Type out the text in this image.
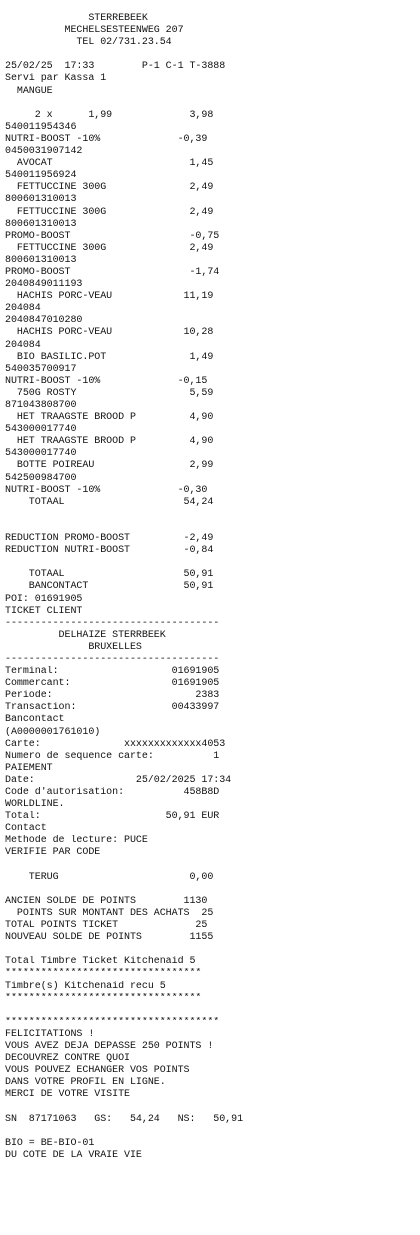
STERREBEEK
MECHELSESTEENWEG 207
TEL 02/731.23.54
25/02/25  17:33        P-1 C-1 T-3888
Servi par Kassa 1
MANGUE
2 x      1,99             3,98
540011954346
NUTRI-BOOST -10%             -0,39
0450031907142
AVOCAT                       1,45
540011956924
FETTUCCINE 300G              2,49
800601310013
FETTUCCINE 300G              2,49
800601310013
PROMO-BOOST                    -0,75
FETTUCCINE 300G              2,49
800601310013
PROMO-BOOST                    -1,74
2040849011193
HACHIS PORC-VEAU            11,19
204084
2040847010280
HACHIS PORC-VEAU            10,28
204084
BIO BASILIC.POT              1,49
540035700917
NUTRI-BOOST -10%             -0,15
750G ROSTY                   5,59
871043808700
HET TRAAGSTE BROOD P         4,90
543000017740
HET TRAAGSTE BROOD P         4,90
543000017740
BOTTE POIREAU                2,99
542500984700
NUTRI-BOOST -10%             -0,30
TOTAAL                    54,24
REDUCTION PROMO-BOOST         -2,49
REDUCTION NUTRI-BOOST         -0,84
TOTAAL                    50,91
BANCONTACT                50,91
POI: 01691905
TICKET CLIENT
------------------------------------
DELHAIZE STERRBEEK
BRUXELLES
------------------------------------
Terminal:                   01691905
Commercant:                 01691905
Periode:                        2383
Transaction:                00433997
Bancontact
(A0000001761010)
Carte:              xxxxxxxxxxxxx4053
Numero de sequence carte:          1
PAIEMENT
Date:                 25/02/2025 17:34
Code d'autorisation:          458B8D
WORLDLINE.
Total:                     50,91 EUR
Contact
Methode de lecture: PUCE
VERIFIE PAR CODE
TERUG                      0,00
ANCIEN SOLDE DE POINTS        1130
POINTS SUR MONTANT DES ACHATS  25
TOTAL POINTS TICKET             25
NOUVEAU SOLDE DE POINTS        1155
Total Timbre Ticket Kitchenaid 5
*********************************
Timbre(s) Kitchenaid recu 5
*********************************
************************************
FELICITATIONS !
VOUS AVEZ DEJA DEPASSE 250 POINTS !
DECOUVREZ CONTRE QUOI
VOUS POUVEZ ECHANGER VOS POINTS
DANS VOTRE PROFIL EN LIGNE.
MERCI DE VOTRE VISITE
SN  87171063   GS:   54,24   NS:   50,91
BIO = BE-BIO-01
DU COTE DE LA VRAIE VIE
